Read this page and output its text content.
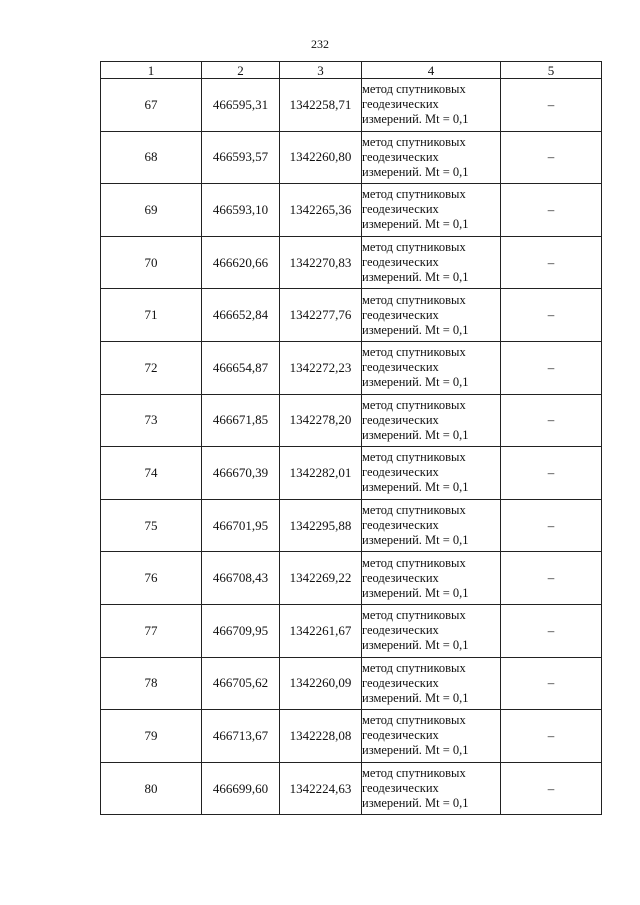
232
1	2	3	4	5
67	466595,31	1342258,71	метод спутниковых
геодезических
измерений. Mt = 0,1	–
68	466593,57	1342260,80	метод спутниковых
геодезических
измерений. Mt = 0,1	–
69	466593,10	1342265,36	метод спутниковых
геодезических
измерений. Mt = 0,1	–
70	466620,66	1342270,83	метод спутниковых
геодезических
измерений. Mt = 0,1	–
71	466652,84	1342277,76	метод спутниковых
геодезических
измерений. Mt = 0,1	–
72	466654,87	1342272,23	метод спутниковых
геодезических
измерений. Mt = 0,1	–
73	466671,85	1342278,20	метод спутниковых
геодезических
измерений. Mt = 0,1	–
74	466670,39	1342282,01	метод спутниковых
геодезических
измерений. Mt = 0,1	–
75	466701,95	1342295,88	метод спутниковых
геодезических
измерений. Mt = 0,1	–
76	466708,43	1342269,22	метод спутниковых
геодезических
измерений. Mt = 0,1	–
77	466709,95	1342261,67	метод спутниковых
геодезических
измерений. Mt = 0,1	–
78	466705,62	1342260,09	метод спутниковых
геодезических
измерений. Mt = 0,1	–
79	466713,67	1342228,08	метод спутниковых
геодезических
измерений. Mt = 0,1	–
80	466699,60	1342224,63	метод спутниковых
геодезических
измерений. Mt = 0,1	–
